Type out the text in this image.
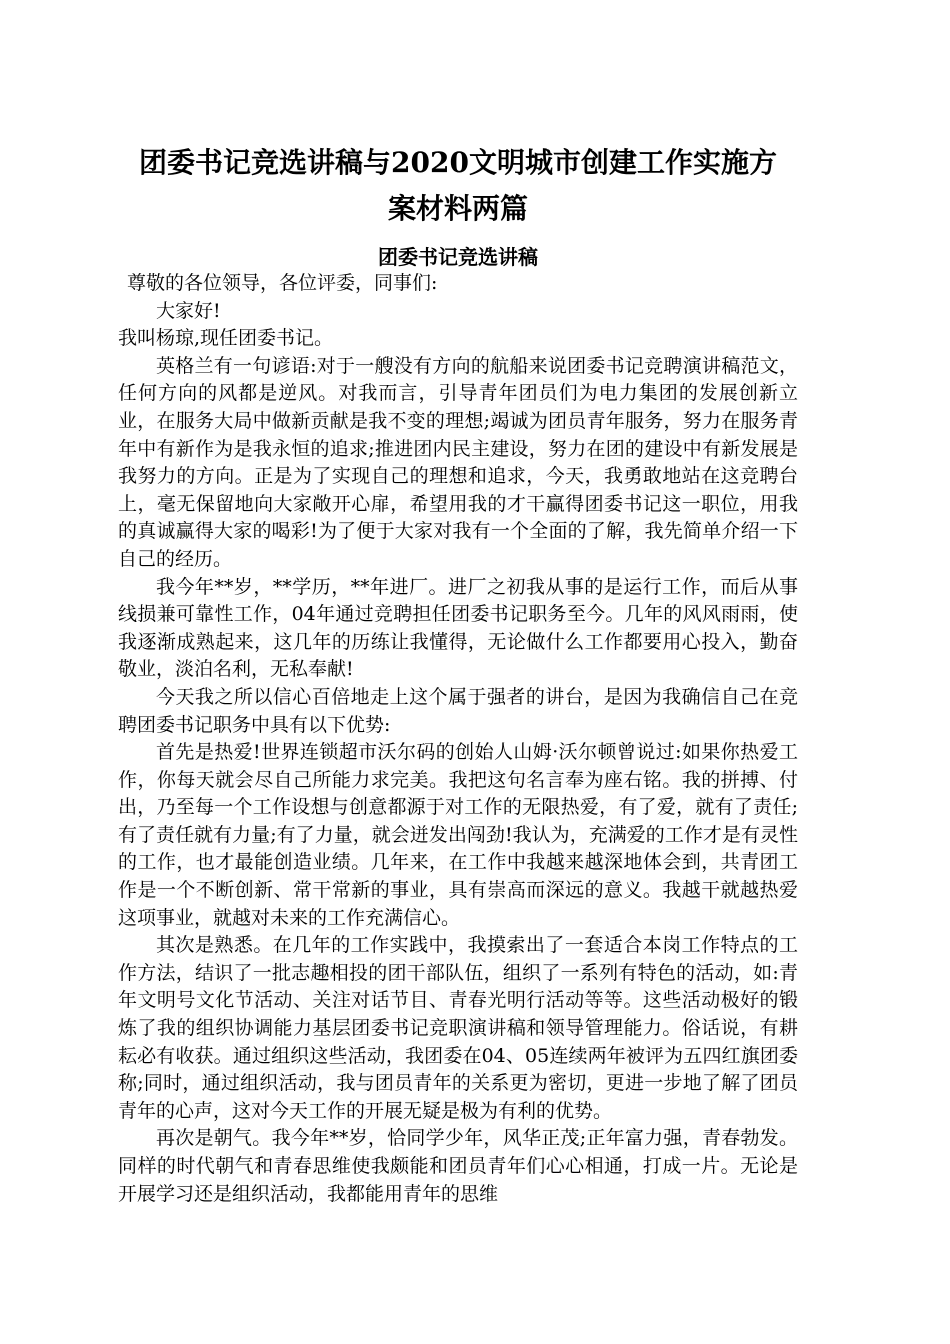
团委书记竞选讲稿与2020文明城市创建工作实施方
案材料两篇
团委书记竞选讲稿

尊敬的各位领导，各位评委，同事们:

大家好!

我叫杨琼,现任团委书记。

英格兰有一句谚语:对于一艘没有方向的航船来说团委书记竞聘演讲稿范文，任何方向的风都是逆风。对我而言，引导青年团员们为电力集团的发展创新立业，在服务大局中做新贡献是我不变的理想;竭诚为团员青年服务，努力在服务青年中有新作为是我永恒的追求;推进团内民主建设，努力在团的建设中有新发展是我努力的方向。正是为了实现自己的理想和追求，今天，我勇敢地站在这竞聘台上，毫无保留地向大家敞开心扉，希望用我的才干赢得团委书记这一职位，用我的真诚赢得大家的喝彩!为了便于大家对我有一个全面的了解，我先简单介绍一下自己的经历。

我今年**岁，**学历，**年进厂。进厂之初我从事的是运行工作，而后从事线损兼可靠性工作，04年通过竞聘担任团委书记职务至今。几年的风风雨雨，使我逐渐成熟起来，这几年的历练让我懂得，无论做什么工作都要用心投入，勤奋敬业，淡泊名利，无私奉献!

今天我之所以信心百倍地走上这个属于强者的讲台，是因为我确信自己在竞聘团委书记职务中具有以下优势:

首先是热爱!世界连锁超市沃尔码的创始人山姆·沃尔顿曾说过:如果你热爱工作，你每天就会尽自己所能力求完美。我把这句名言奉为座右铭。我的拼搏、付出，乃至每一个工作设想与创意都源于对工作的无限热爱，有了爱，就有了责任;有了责任就有力量;有了力量，就会迸发出闯劲!我认为，充满爱的工作才是有灵性的工作，也才最能创造业绩。几年来，在工作中我越来越深地体会到，共青团工作是一个不断创新、常干常新的事业，具有崇高而深远的意义。我越干就越热爱这项事业，就越对未来的工作充满信心。

其次是熟悉。在几年的工作实践中，我摸索出了一套适合本岗工作特点的工作方法，结识了一批志趣相投的团干部队伍，组织了一系列有特色的活动，如:青年文明号文化节活动、关注对话节目、青春光明行活动等等。这些活动极好的锻炼了我的组织协调能力基层团委书记竞职演讲稿和领导管理能力。俗话说，有耕耘必有收获。通过组织这些活动，我团委在04、05连续两年被评为五四红旗团委称;同时，通过组织活动，我与团员青年的关系更为密切，更进一步地了解了团员青年的心声，这对今天工作的开展无疑是极为有利的优势。

再次是朝气。我今年**岁，恰同学少年，风华正茂;正年富力强，青春勃发。同样的时代朝气和青春思维使我颇能和团员青年们心心相通，打成一片。无论是开展学习还是组织活动，我都能用青年的思维
